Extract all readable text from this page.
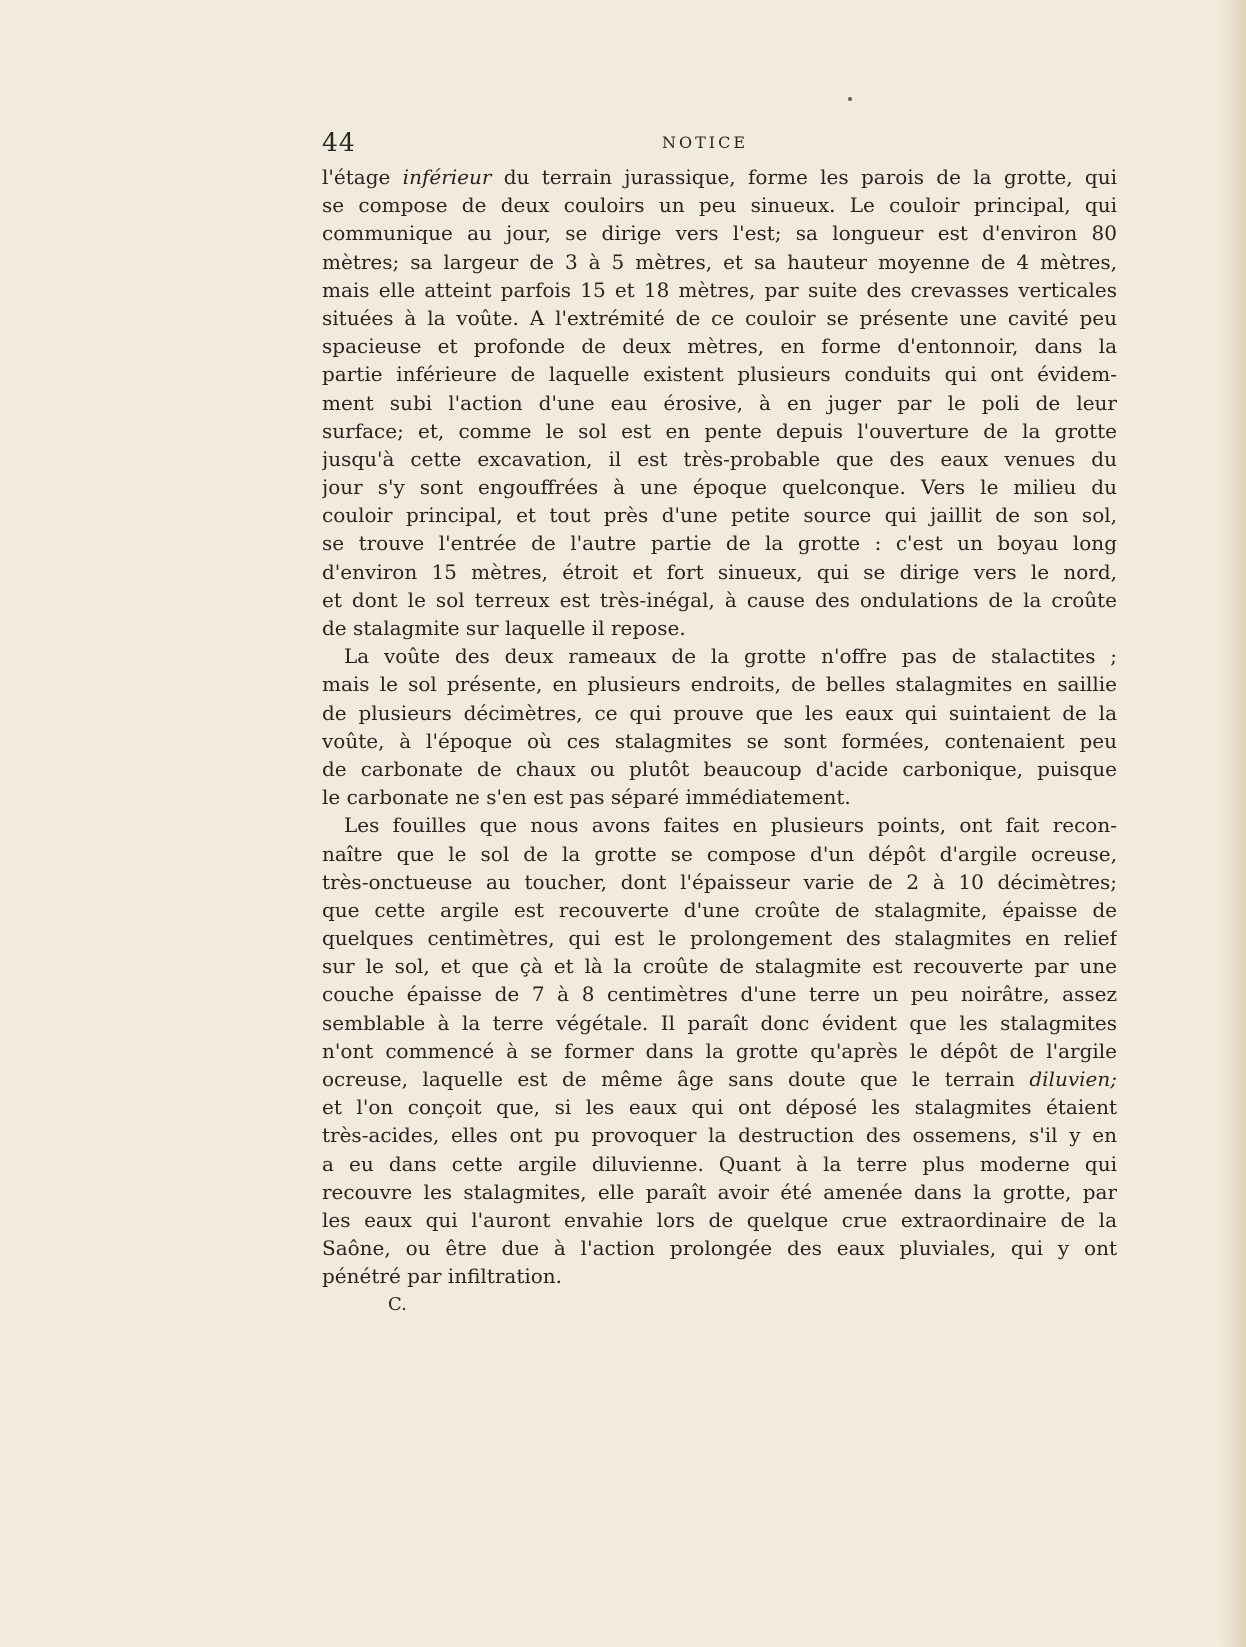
44	NOTICE
l'étage inférieur du terrain jurassique, forme les parois de la grotte, qui
se compose de deux couloirs un peu sinueux. Le couloir principal, qui
communique au jour, se dirige vers l'est; sa longueur est d'environ 80
mètres; sa largeur de 3 à 5 mètres, et sa hauteur moyenne de 4 mètres,
mais elle atteint parfois 15 et 18 mètres, par suite des crevasses verticales
situées à la voûte. A l'extrémité de ce couloir se présente une cavité peu
spacieuse et profonde de deux mètres, en forme d'entonnoir, dans la
partie inférieure de laquelle existent plusieurs conduits qui ont évidem-
ment subi l'action d'une eau érosive, à en juger par le poli de leur
surface; et, comme le sol est en pente depuis l'ouverture de la grotte
jusqu'à cette excavation, il est très-probable que des eaux venues du
jour s'y sont engouffrées à une époque quelconque. Vers le milieu du
couloir principal, et tout près d'une petite source qui jaillit de son sol,
se trouve l'entrée de l'autre partie de la grotte : c'est un boyau long
d'environ 15 mètres, étroit et fort sinueux, qui se dirige vers le nord,
et dont le sol terreux est très-inégal, à cause des ondulations de la croûte
de stalagmite sur laquelle il repose.
La voûte des deux rameaux de la grotte n'offre pas de stalactites ;
mais le sol présente, en plusieurs endroits, de belles stalagmites en saillie
de plusieurs décimètres, ce qui prouve que les eaux qui suintaient de la
voûte, à l'époque où ces stalagmites se sont formées, contenaient peu
de carbonate de chaux ou plutôt beaucoup d'acide carbonique, puisque
le carbonate ne s'en est pas séparé immédiatement.
Les fouilles que nous avons faites en plusieurs points, ont fait recon-
naître que le sol de la grotte se compose d'un dépôt d'argile ocreuse,
très-onctueuse au toucher, dont l'épaisseur varie de 2 à 10 décimètres;
que cette argile est recouverte d'une croûte de stalagmite, épaisse de
quelques centimètres, qui est le prolongement des stalagmites en relief
sur le sol, et que çà et là la croûte de stalagmite est recouverte par une
couche épaisse de 7 à 8 centimètres d'une terre un peu noirâtre, assez
semblable à la terre végétale. Il paraît donc évident que les stalagmites
n'ont commencé à se former dans la grotte qu'après le dépôt de l'argile
ocreuse, laquelle est de même âge sans doute que le terrain diluvien;
et l'on conçoit que, si les eaux qui ont déposé les stalagmites étaient
très-acides, elles ont pu provoquer la destruction des ossemens, s'il y en
a eu dans cette argile diluvienne. Quant à la terre plus moderne qui
recouvre les stalagmites, elle paraît avoir été amenée dans la grotte, par
les eaux qui l'auront envahie lors de quelque crue extraordinaire de la
Saône, ou être due à l'action prolongée des eaux pluviales, qui y ont
pénétré par infiltration.
C.
